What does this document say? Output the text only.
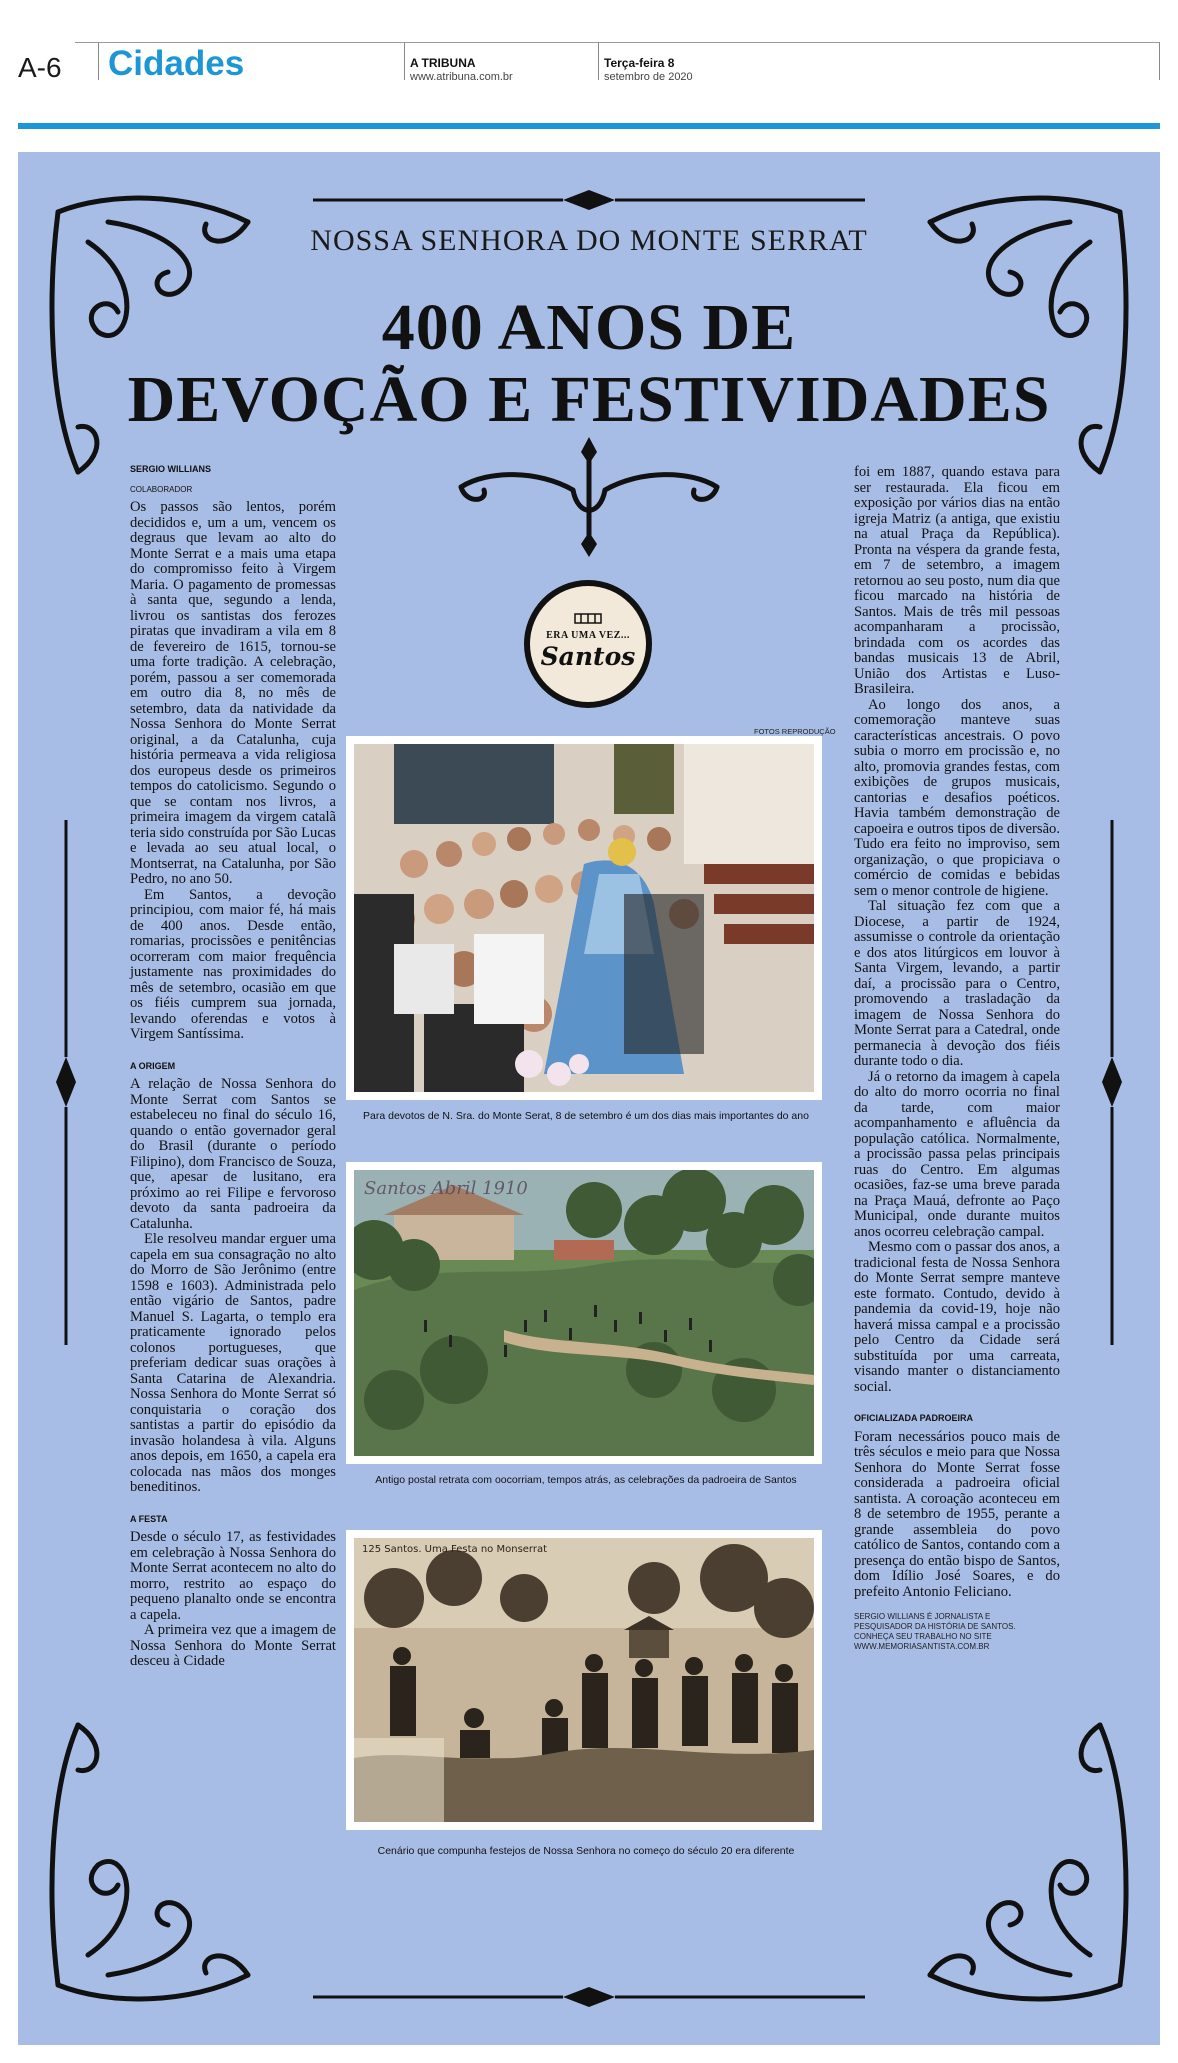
A-6 Cidades	A TRIBUNA
www.atribuna.com.br
Terça-feira 8
setembro de 2020
NOSSA SENHORA DO MONTE SERRAT
400 ANOS DE
DEVOÇÃO E FESTIVIDADES
ERA UMA VEZ...
Santos
SERGIO WILLIANS
COLABORADOR

Os passos são lentos, porém decididos e, um a um, vencem os degraus que levam ao alto do Monte Serrat e a mais uma etapa do compromisso feito à Virgem Maria. O pagamento de promessas à santa que, segundo a lenda, livrou os santistas dos ferozes piratas que invadiram a vila em 8 de fevereiro de 1615, tornou-se uma forte tradição. A celebração, porém, passou a ser comemorada em outro dia 8, no mês de setembro, data da natividade da Nossa Senhora do Monte Serrat original, a da Catalunha, cuja história permeava a vida religiosa dos europeus desde os primeiros tempos do catolicismo. Segundo o que se contam nos livros, a primeira imagem da virgem catalã teria sido construída por São Lucas e levada ao seu atual local, o Montserrat, na Catalunha, por São Pedro, no ano 50.

Em Santos, a devoção principiou, com maior fé, há mais de 400 anos. Desde então, romarias, procissões e penitências ocorreram com maior frequência justamente nas proximidades do mês de setembro, ocasião em que os fiéis cumprem sua jornada, levando oferendas e votos à Virgem Santíssima.

A ORIGEM

A relação de Nossa Senhora do Monte Serrat com Santos se estabeleceu no final do século 16, quando o então governador geral do Brasil (durante o período Filipino), dom Francisco de Souza, que, apesar de lusitano, era próximo ao rei Filipe e fervoroso devoto da santa padroeira da Catalunha.

Ele resolveu mandar erguer uma capela em sua consagração no alto do Morro de São Jerônimo (entre 1598 e 1603). Administrada pelo então vigário de Santos, padre Manuel S. Lagarta, o templo era praticamente ignorado pelos colonos portugueses, que preferiam dedicar suas orações à Santa Catarina de Alexandria. Nossa Senhora do Monte Serrat só conquistaria o coração dos santistas a partir do episódio da invasão holandesa à vila. Alguns anos depois, em 1650, a capela era colocada nas mãos dos monges beneditinos.

A FESTA

Desde o século 17, as festividades em celebração à Nossa Senhora do Monte Serrat acontecem no alto do morro, restrito ao espaço do pequeno planalto onde se encontra a capela.

A primeira vez que a imagem de Nossa Senhora do Monte Serrat desceu à Cidade

foi em 1887, quando estava para ser restaurada. Ela ficou em exposição por vários dias na então igreja Matriz (a antiga, que existiu na atual Praça da República). Pronta na véspera da grande festa, em 7 de setembro, a imagem retornou ao seu posto, num dia que ficou marcado na história de Santos. Mais de três mil pessoas acompanharam a procissão, brindada com os acordes das bandas musicais 13 de Abril, União dos Artistas e Luso-Brasileira.

Ao longo dos anos, a comemoração manteve suas características ancestrais. O povo subia o morro em procissão e, no alto, promovia grandes festas, com exibições de grupos musicais, cantorias e desafios poéticos. Havia também demonstração de capoeira e outros tipos de diversão. Tudo era feito no improviso, sem organização, o que propiciava o comércio de comidas e bebidas sem o menor controle de higiene.

Tal situação fez com que a Diocese, a partir de 1924, assumisse o controle da orientação e dos atos litúrgicos em louvor à Santa Virgem, levando, a partir daí, a procissão para o Centro, promovendo a trasladação da imagem de Nossa Senhora do Monte Serrat para a Catedral, onde permanecia à devoção dos fiéis durante todo o dia.

Já o retorno da imagem à capela do alto do morro ocorria no final da tarde, com maior acompanhamento e afluência da população católica. Normalmente, a procissão passa pelas principais ruas do Centro. Em algumas ocasiões, faz-se uma breve parada na Praça Mauá, defronte ao Paço Municipal, onde durante muitos anos ocorreu celebração campal.

Mesmo com o passar dos anos, a tradicional festa de Nossa Senhora do Monte Serrat sempre manteve este formato. Contudo, devido à pandemia da covid-19, hoje não haverá missa campal e a procissão pelo Centro da Cidade será substituída por uma carreata, visando manter o distanciamento social.

OFICIALIZADA PADROEIRA

Foram necessários pouco mais de três séculos e meio para que Nossa Senhora do Monte Serrat fosse considerada a padroeira oficial santista. A coroação aconteceu em 8 de setembro de 1955, perante a grande assembleia do povo católico de Santos, contando com a presença do então bispo de Santos, dom Idílio José Soares, e do prefeito Antonio Feliciano.

SERGIO WILLIANS É JORNALISTA E
PESQUISADOR DA HISTÓRIA DE SANTOS.
CONHEÇA SEU TRABALHO NO SITE
WWW.MEMORIASANTISTA.COM.BR
FOTOS REPRODUÇÃO
Para devotos de N. Sra. do Monte Serat, 8 de setembro é um dos dias mais importantes do ano
Santos Abril 1910
Antigo postal retrata com oocorriam, tempos atrás, as celebrações da padroeira de Santos
125 Santos. Uma Festa no Monserrat
Cenário que compunha festejos de Nossa Senhora no começo do século 20 era diferente
